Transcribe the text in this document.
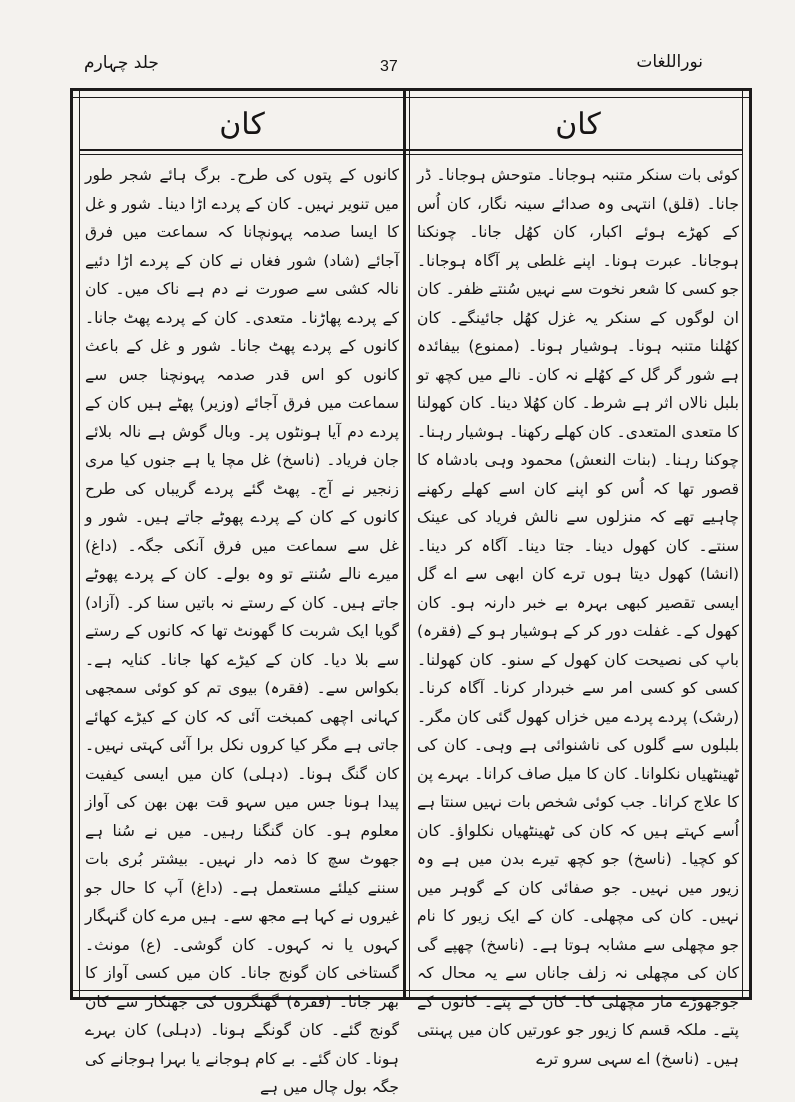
جلد چہارم	37	نوراللغات
کان	کان

کوئی بات سنکر متنبہ ہوجانا۔ متوحش ہوجانا۔ ڈر جانا۔ (قلق) انتہی وہ صدائے سینہ نگار، کان اُس کے کھڑے ہوئے اکبار، کان کھُل جانا۔ چونکنا ہوجانا۔ عبرت ہونا۔ اپنے غلطی پر آگاہ ہوجانا۔ جو کسی کا شعر نخوت سے نہیں سُنتے ظفر۔ کان ان لوگوں کے سنکر یہ غزل کھُل جائینگے۔ کان کھُلنا متنبہ ہونا۔ ہوشیار ہونا۔ (ممنوع) بیفائدہ ہے شور گر گل کے کھُلے نہ کان۔ نالے میں کچھ تو بلبل نالاں اثر ہے شرط۔ کان کھُلا دینا۔ کان کھولنا کا متعدی المتعدی۔ کان کھلے رکھنا۔ ہوشیار رہنا۔ چوکنا رہنا۔ (بنات النعش) محمود وہی بادشاہ کا قصور تھا کہ اُس کو اپنے کان اسے کھلے رکھنے چاہیے تھے کہ منزلوں سے نالش فریاد کی عینک سنتے۔ کان کھول دینا۔ جتا دینا۔ آگاہ کر دینا۔ (انشا) کھول دیتا ہوں ترے کان ابھی سے اے گل ایسی تقصیر کبھی بہرہ بے خبر دارنہ ہو۔ کان کھول کے۔ غفلت دور کر کے ہوشیار ہو کے (فقرہ) باپ کی نصیحت کان کھول کے سنو۔ کان کھولنا۔ کسی کو کسی امر سے خبردار کرنا۔ آگاہ کرنا۔ (رشک) پردے پردے میں خزاں کھول گئی کان مگر۔ بلبلوں سے گلوں کی ناشنوائی ہے وہی۔ کان کی ٹھینٹھیاں نکلوانا۔ کان کا میل صاف کرانا۔ بہرے پن کا علاج کرانا۔ جب کوئی شخص بات نہیں سنتا ہے اُسے کہتے ہیں کہ کان کی ٹھینٹھیاں نکلواؤ۔ کان کو کچیا۔ (ناسخ) جو کچھ تیرے بدن میں ہے وہ زیور میں نہیں۔ جو صفائی کان کے گوہر میں نہیں۔ کان کی مچھلی۔ کان کے ایک زیور کا نام جو مچھلی سے مشابہ ہوتا ہے۔ (ناسخ) چھپے گی کان کی مچھلی نہ زلف جاناں سے یہ محال کہ جوجھوڑے مار مچھلی کا۔ کان کے پتے۔ کانوں کے پتے۔ ملکہ قسم کا زیور جو عورتیں کان میں پہنتی ہیں۔ (ناسخ) اے سہی سرو ترے

کانوں کے پتوں کی طرح۔ برگ ہائے شجر طور میں تنویر نہیں۔ کان کے پردے اڑا دینا۔ شور و غل کا ایسا صدمہ پہونچانا کہ سماعت میں فرق آجائے (شاد) شور فغاں نے کان کے پردے اڑا دئیے نالہ کشی سے صورت نے دم ہے ناک میں۔ کان کے پردے پھاڑنا۔ متعدی۔ کان کے پردے پھٹ جانا۔ کانوں کے پردے پھٹ جانا۔ شور و غل کے باعث کانوں کو اس قدر صدمہ پہونچنا جس سے سماعت میں فرق آجائے (وزیر) پھٹے ہیں کان کے پردے دم آیا ہونٹوں پر۔ وبال گوش ہے نالہ بلائے جان فریاد۔ (ناسخ) غل مچا یا ہے جنوں کیا مری زنجیر نے آج۔ پھٹ گئے پردے گریباں کی طرح کانوں کے کان کے پردے پھوٹے جاتے ہیں۔ شور و غل سے سماعت میں فرق آنکی جگہ۔ (داغ) میرے نالے سُنتے تو وہ بولے۔ کان کے پردے پھوٹے جاتے ہیں۔ کان کے رستے نہ باتیں سنا کر۔ (آزاد) گویا ایک شربت کا گھونٹ تھا کہ کانوں کے رستے سے بلا دیا۔ کان کے کیڑے کھا جانا۔ کنایہ ہے۔ بکواس سے۔ (فقرہ) بیوی تم کو کوئی سمجھی کہانی اچھی کمبخت آئی کہ کان کے کیڑے کھائے جاتی ہے مگر کیا کروں نکل برا آئی کہتی نہیں۔ کان گنگ ہونا۔ (دہلی) کان میں ایسی کیفیت پیدا ہونا جس میں سہو قت بھن بھن کی آواز معلوم ہو۔ کان گنگنا رہیں۔ میں نے سُنا ہے جھوٹ سچ کا ذمہ دار نہیں۔ بیشتر بُری بات سننے کیلئے مستعمل ہے۔ (داغ) آپ کا حال جو غیروں نے کہا ہے مجھ سے۔ ہیں مرے کان گنہگار کہوں یا نہ کہوں۔ کان گوشی۔ (ع) مونث۔ گستاخی کان گونج جانا۔ کان میں کسی آواز کا بھر جانا۔ (فقرہ) گھنگروں کی جھنکار سے کان گونج گئے۔ کان گونگے ہونا۔ (دہلی) کان بہرے ہونا۔ کان گئے۔ بے کام ہوجانے یا بہرا ہوجانے کی جگہ بول چال میں ہے
